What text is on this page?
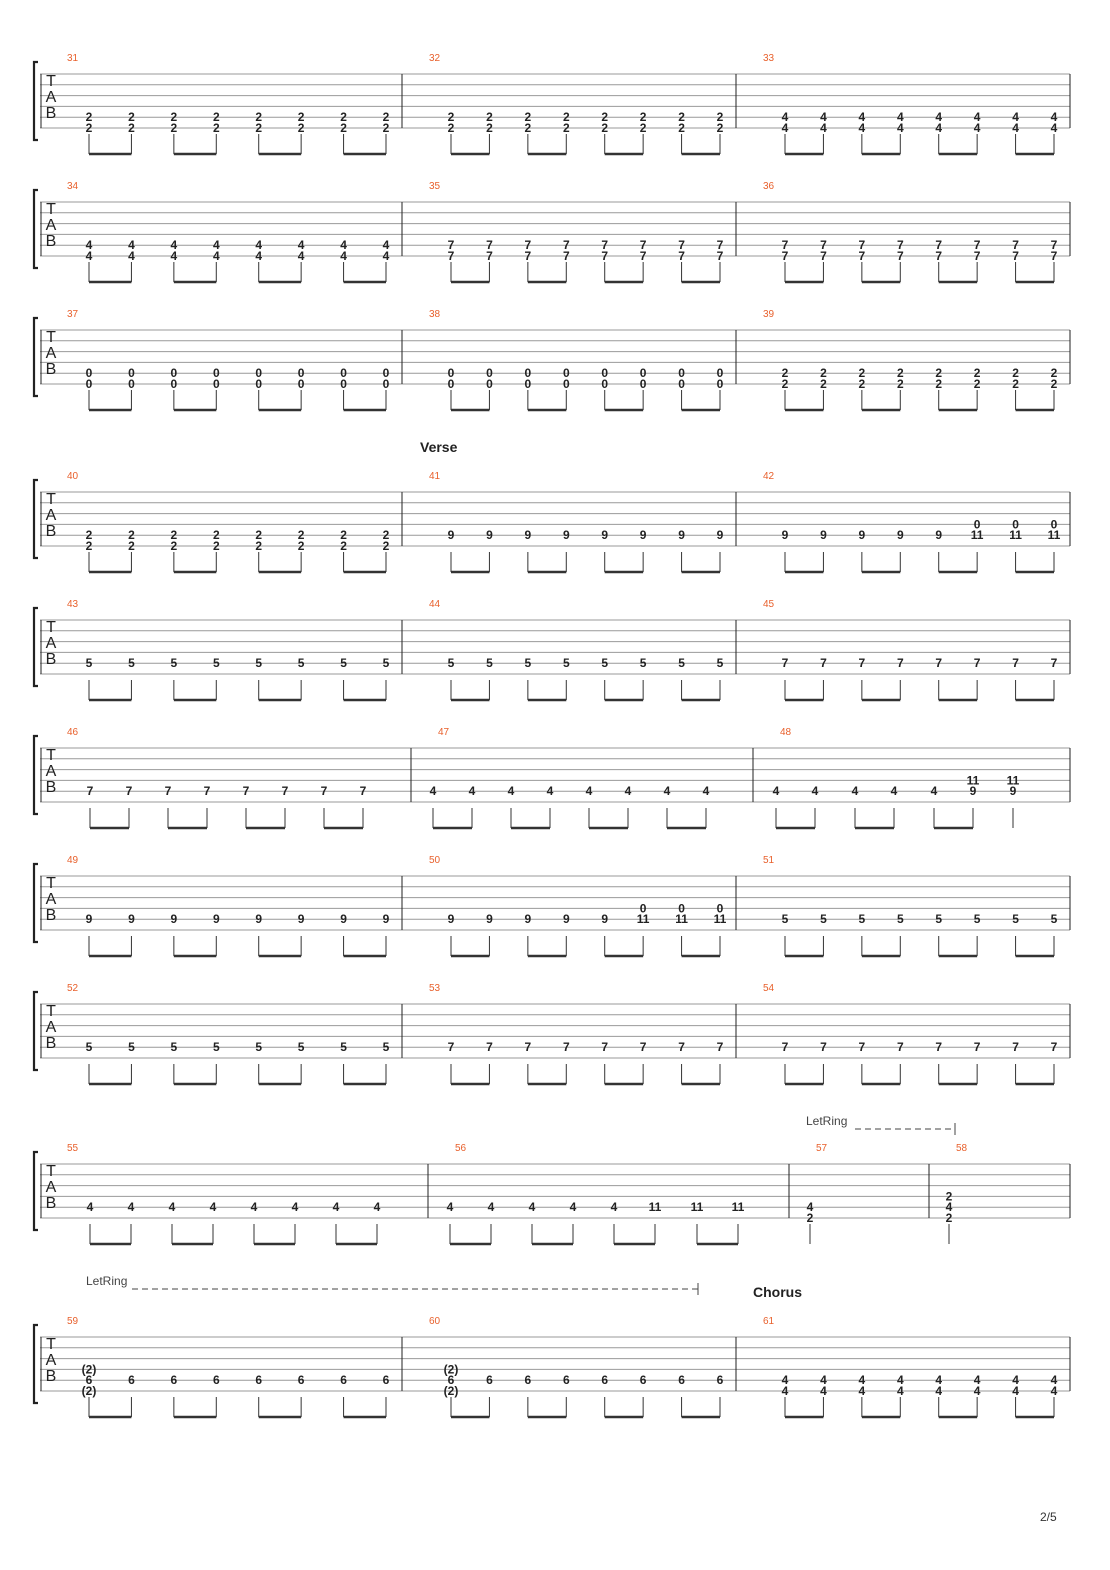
T
A
B
31
2
2
2
2
2
2
2
2
2
2
2
2
2
2
2
2
32
2
2
2
2
2
2
2
2
2
2
2
2
2
2
2
2
33
4
4
4
4
4
4
4
4
4
4
4
4
4
4
4
4
T
A
B
34
4
4
4
4
4
4
4
4
4
4
4
4
4
4
4
4
35
7
7
7
7
7
7
7
7
7
7
7
7
7
7
7
7
36
7
7
7
7
7
7
7
7
7
7
7
7
7
7
7
7
T
A
B
37
0
0
0
0
0
0
0
0
0
0
0
0
0
0
0
0
38
0
0
0
0
0
0
0
0
0
0
0
0
0
0
0
0
39
2
2
2
2
2
2
2
2
2
2
2
2
2
2
2
2
T
A
B
40
2
2
2
2
2
2
2
2
2
2
2
2
2
2
2
2
41
9	9	9	9	9	9	9	9
42
9	9	9	9	9
0
11
0
11
0
11
T
A
B
43
5	5	5	5	5	5	5	5
44
5	5	5	5	5	5	5	5
45
7	7	7	7	7	7	7	7
T
A
B
46
7	7	7	7	7	7	7	7
47
4	4	4	4	4	4	4	4
48
4	4	4	4	4
11
9
11
9
T
A
B
49
9	9	9	9	9	9	9	9
50
9	9	9	9	9
0
11
0
11
0
11
51
5	5	5	5	5	5	5	5
T
A
B
52
5	5	5	5	5	5	5	5
53
7	7	7	7	7	7	7	7
54
7	7	7	7	7	7	7	7
T
A
B
55
4	4	4	4	4	4	4	4
56
4	4	4	4	4	11 11 11
57
4
2
58
2
4
2
T
A
B
59
(2)
6
(2)
6	6	6	6	6	6	6
60
(2)
6
(2)
6	6	6	6	6	6	6
61
4
4
4
4
4
4
4
4
4
4
4
4
4
4
4
4
Verse
Chorus
LetRing
LetRing
2/5
